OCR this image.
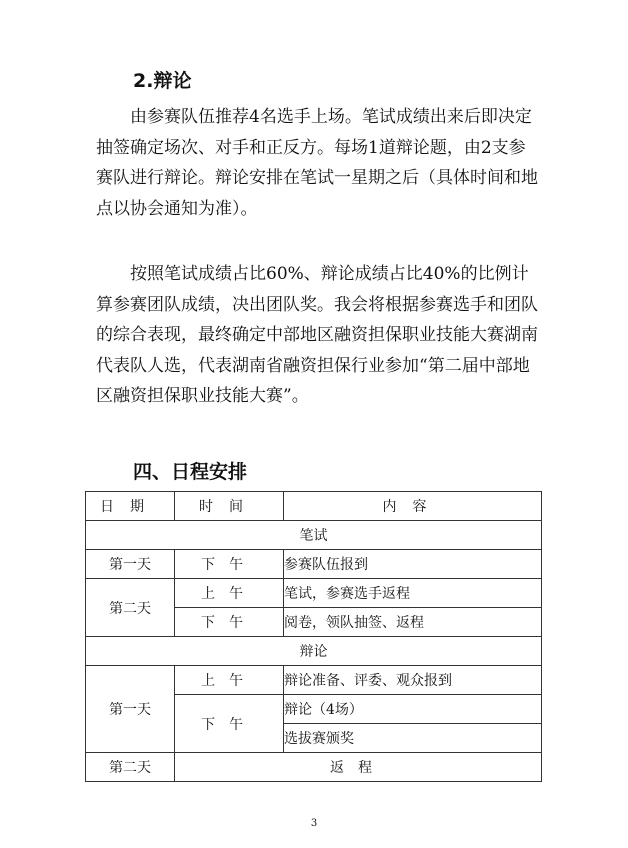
2.辩论

由参赛队伍推荐4名选手上场。笔试成绩出来后即决定抽签确定场次、对手和正反方。每场1道辩论题，由2支参赛队进行辩论。辩论安排在笔试一星期之后（具体时间和地点以协会通知为准）。

按照笔试成绩占比60%、辩论成绩占比40%的比例计算参赛团队成绩，决出团队奖。我会将根据参赛选手和团队的综合表现，最终确定中部地区融资担保职业技能大赛湖南代表队人选，代表湖南省融资担保行业参加“第二届中部地区融资担保职业技能大赛”。

四、日程安排
日期	时间	内容
笔试		
第一天	下午	参赛队伍报到
第二天	上午	笔试，参赛选手返程
	下午	阅卷，领队抽签、返程
辩论		
第一天	上午	辩论准备、评委、观众报到
	下午	辩论（4场）
		选拔赛颁奖
第二天	返程	
3
